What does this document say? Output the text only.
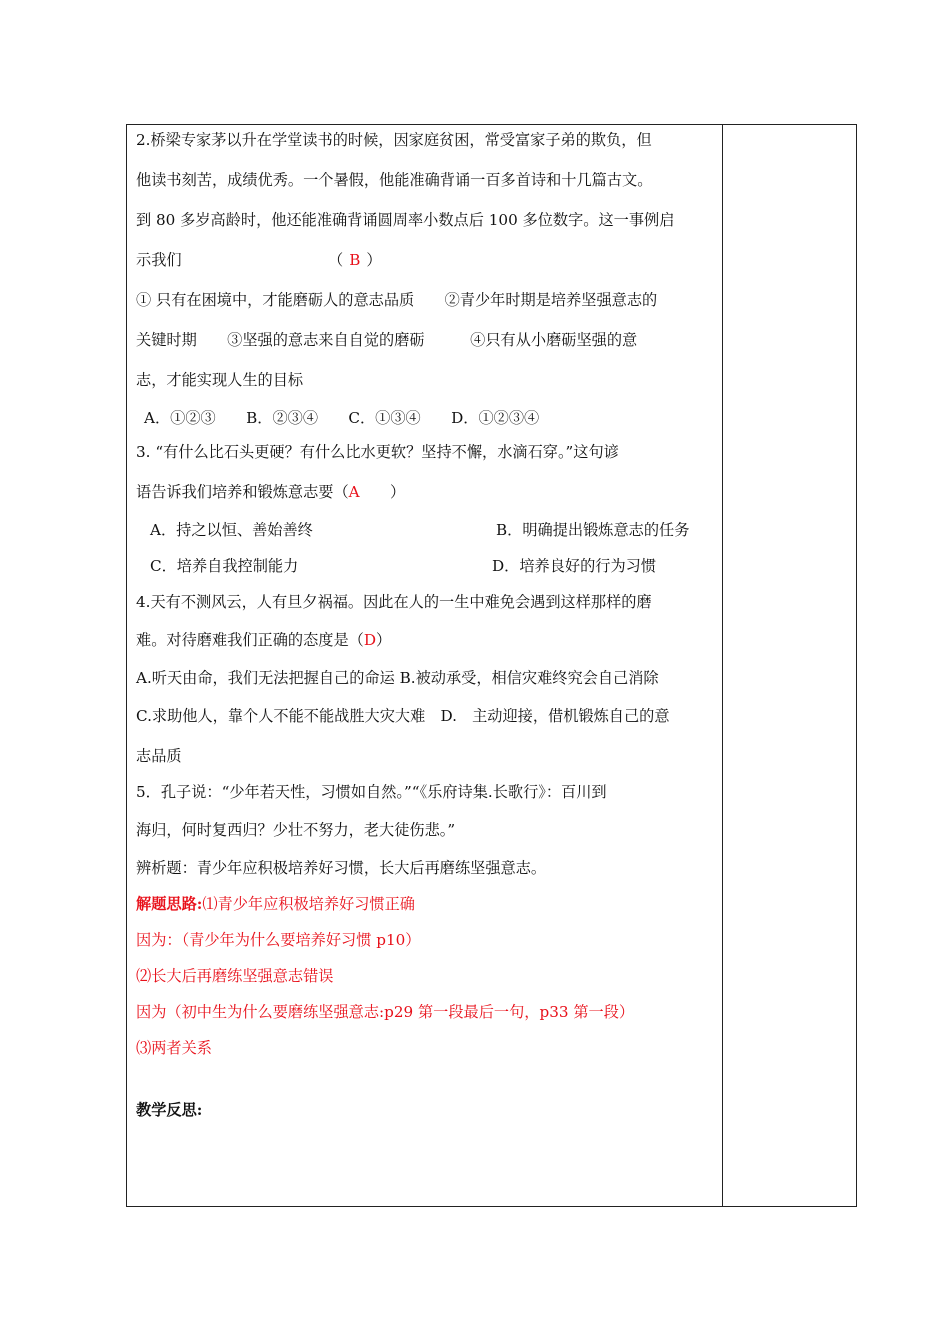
2.桥梁专家茅以升在学堂读书的时候，因家庭贫困，常受富家子弟的欺负，但
他读书刻苦，成绩优秀。一个暑假，他能准确背诵一百多首诗和十几篇古文。
到 80 多岁高龄时，他还能准确背诵圆周率小数点后 100 多位数字。这一事例启
示我们	（ B ）
① 只有在困境中，才能磨砺人的意志品质　　②青少年时期是培养坚强意志的
关键时期　　③坚强的意志来自自觉的磨砺　　　④只有从小磨砺坚强的意
志，才能实现人生的目标
A．①②③　　B．②③④　　C．①③④　　D．①②③④
3. “有什么比石头更硬？有什么比水更软？坚持不懈，水滴石穿。”这句谚
语告诉我们培养和锻炼意志要（A　　）
A．持之以恒、善始善终	B．明确提出锻炼意志的任务
C．培养自我控制能力	D．培养良好的行为习惯
4.天有不测风云，人有旦夕祸福。因此在人的一生中难免会遇到这样那样的磨
难。对待磨难我们正确的态度是（D）
A.听天由命，我们无法把握自己的命运 B.被动承受，相信灾难终究会自己消除
C.求助他人，靠个人不能不能战胜大灾大难　D.　主动迎接，借机锻炼自己的意
志品质
5．孔子说：“少年若天性，习惯如自然。”“《乐府诗集.长歌行》：百川到
海归，何时复西归？少壮不努力，老大徒伤悲。”
辨析题：青少年应积极培养好习惯，长大后再磨练坚强意志。
解题思路:⑴青少年应积极培养好习惯正确
因为：（青少年为什么要培养好习惯 p10）
⑵长大后再磨练坚强意志错误
因为（初中生为什么要磨练坚强意志:p29 第一段最后一句，p33 第一段）
⑶两者关系
教学反思:
